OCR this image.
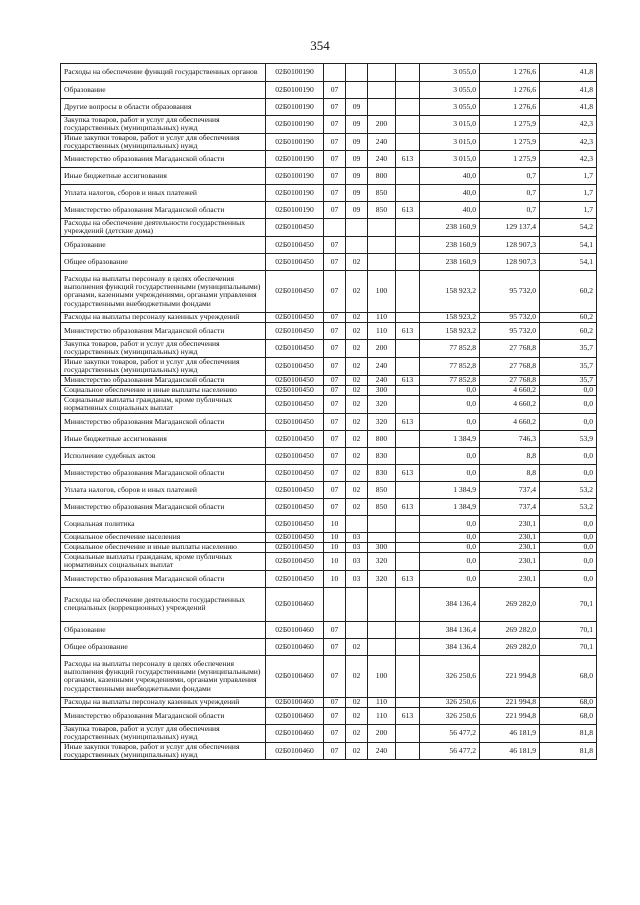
354
Расходы на обеспечение функций государственных органов	02Б0100190					3 055,0	1 276,6	41,8
Образование	02Б0100190	07				3 055,0	1 276,6	41,8
Другие вопросы в области образования	02Б0100190	07	09			3 055,0	1 276,6	41,8
Закупка товаров, работ и услуг для обеспечения государственных (муниципальных) нужд	02Б0100190	07	09	200		3 015,0	1 275,9	42,3
Иные закупки товаров, работ и услуг для обеспечения государственных (муниципальных) нужд	02Б0100190	07	09	240		3 015,0	1 275,9	42,3
Министерство образования Магаданской области	02Б0100190	07	09	240	613	3 015,0	1 275,9	42,3
Иные бюджетные ассигнования	02Б0100190	07	09	800		40,0	0,7	1,7
Уплата налогов, сборов и иных платежей	02Б0100190	07	09	850		40,0	0,7	1,7
Министерство образования Магаданской области	02Б0100190	07	09	850	613	40,0	0,7	1,7
Расходы на обеспечение деятельности государственных учреждений (детские дома)	02Б0100450					238 160,9	129 137,4	54,2
Образование	02Б0100450	07				238 160,9	128 907,3	54,1
Общее образование	02Б0100450	07	02			238 160,9	128 907,3	54,1
Расходы на выплаты персоналу в целях обеспечения выполнения функций государственными (муниципальными) органами, казенными учреждениями, органами управления государственными внебюджетными фондами	02Б0100450	07	02	100		158 923,2	95 732,0	60,2
Расходы на выплаты персоналу казенных учреждений	02Б0100450	07	02	110		158 923,2	95 732,0	60,2
Министерство образования Магаданской области	02Б0100450	07	02	110	613	158 923,2	95 732,0	60,2
Закупка товаров, работ и услуг для обеспечения государственных (муниципальных) нужд	02Б0100450	07	02	200		77 852,8	27 768,8	35,7
Иные закупки товаров, работ и услуг для обеспечения государственных (муниципальных) нужд	02Б0100450	07	02	240		77 852,8	27 768,8	35,7
Министерство образования Магаданской области	02Б0100450	07	02	240	613	77 852,8	27 768,8	35,7
Социальное обеспечение и иные выплаты населению	02Б0100450	07	02	300		0,0	4 660,2	0,0
Социальные выплаты гражданам, кроме публичных нормативных социальных выплат	02Б0100450	07	02	320		0,0	4 660,2	0,0
Министерство образования Магаданской области	02Б0100450	07	02	320	613	0,0	4 660,2	0,0
Иные бюджетные ассигнования	02Б0100450	07	02	800		1 384,9	746,3	53,9
Исполнение судебных актов	02Б0100450	07	02	830		0,0	8,8	0,0
Министерство образования Магаданской области	02Б0100450	07	02	830	613	0,0	8,8	0,0
Уплата налогов, сборов и иных платежей	02Б0100450	07	02	850		1 384,9	737,4	53,2
Министерство образования Магаданской области	02Б0100450	07	02	850	613	1 384,9	737,4	53,2
Социальная политика	02Б0100450	10				0,0	230,1	0,0
Социальное обеспечение населения	02Б0100450	10	03			0,0	230,1	0,0
Социальное обеспечение и иные выплаты населению	02Б0100450	10	03	300		0,0	230,1	0,0
Социальные выплаты гражданам, кроме публичных нормативных социальных выплат	02Б0100450	10	03	320		0,0	230,1	0,0
Министерство образования Магаданской области	02Б0100450	10	03	320	613	0,0	230,1	0,0
Расходы на обеспечение деятельности государственных специальных (коррекционных) учреждений	02Б0100460					384 136,4	269 282,0	70,1
Образование	02Б0100460	07				384 136,4	269 282,0	70,1
Общее образование	02Б0100460	07	02			384 136,4	269 282,0	70,1
Расходы на выплаты персоналу в целях обеспечения выполнения функций государственными (муниципальными) органами, казенными учреждениями, органами управления государственными внебюджетными фондами	02Б0100460	07	02	100		326 250,6	221 994,8	68,0
Расходы на выплаты персоналу казенных учреждений	02Б0100460	07	02	110		326 250,6	221 994,8	68,0
Министерство образования Магаданской области	02Б0100460	07	02	110	613	326 250,6	221 994,8	68,0
Закупка товаров, работ и услуг для обеспечения государственных (муниципальных) нужд	02Б0100460	07	02	200		56 477,2	46 181,9	81,8
Иные закупки товаров, работ и услуг для обеспечения государственных (муниципальных) нужд	02Б0100460	07	02	240		56 477,2	46 181,9	81,8
